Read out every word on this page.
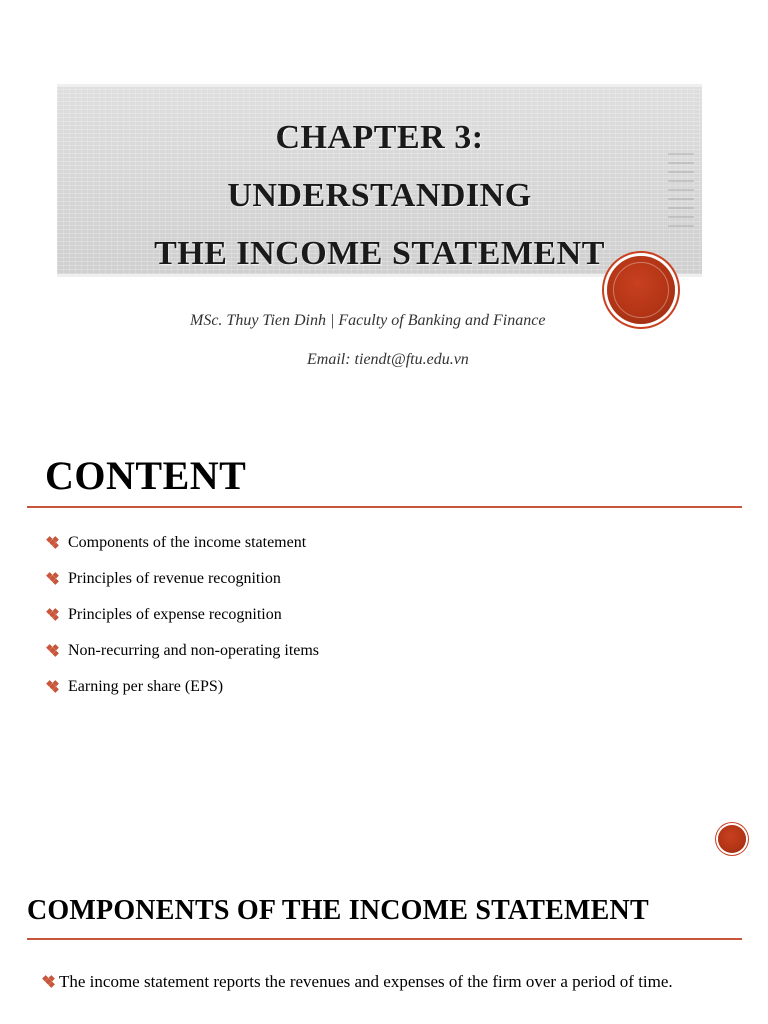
CHAPTER 3:
UNDERSTANDING
THE INCOME STATEMENT
MSc. Thuy Tien Dinh | Faculty of Banking and Finance
Email: tiendt@ftu.edu.vn
CONTENT
Components of the income statement
Principles of revenue recognition
Principles of expense recognition
Non-recurring and non-operating items
Earning per share (EPS)
COMPONENTS OF THE INCOME STATEMENT
The income statement reports the revenues and expenses of the firm over a period of time.
